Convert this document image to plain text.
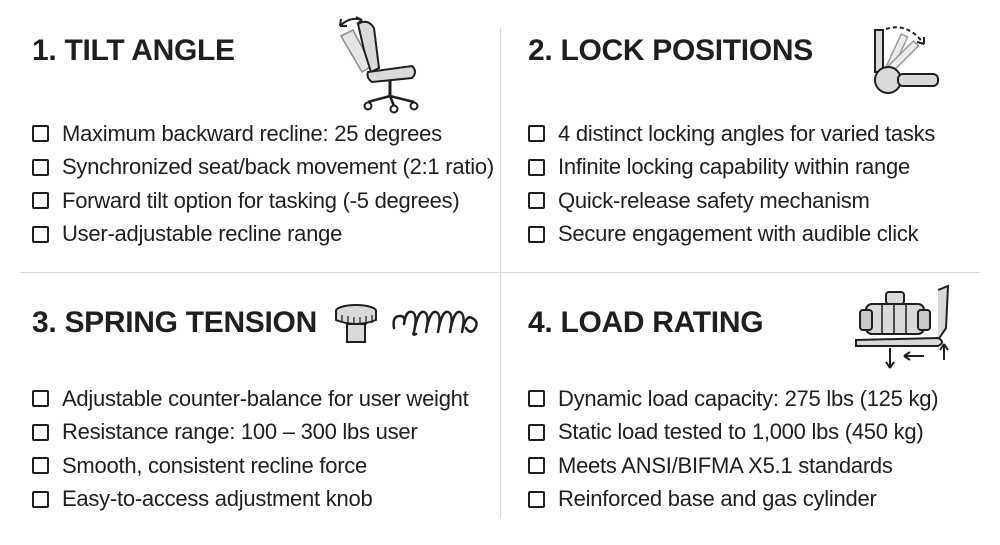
1. TILT ANGLE
Maximum backward recline: 25 degrees
Synchronized seat/back movement (2:1 ratio)
Forward tilt option for tasking (-5 degrees)
User-adjustable recline range
2. LOCK POSITIONS
4 distinct locking angles for varied tasks
Infinite locking capability within range
Quick-release safety mechanism
Secure engagement with audible click
3. SPRING TENSION
Adjustable counter-balance for user weight
Resistance range: 100 – 300 lbs user
Smooth, consistent recline force
Easy-to-access adjustment knob
4. LOAD RATING
Dynamic load capacity: 275 lbs (125 kg)
Static load tested to 1,000 lbs (450 kg)
Meets ANSI/BIFMA X5.1 standards
Reinforced base and gas cylinder
